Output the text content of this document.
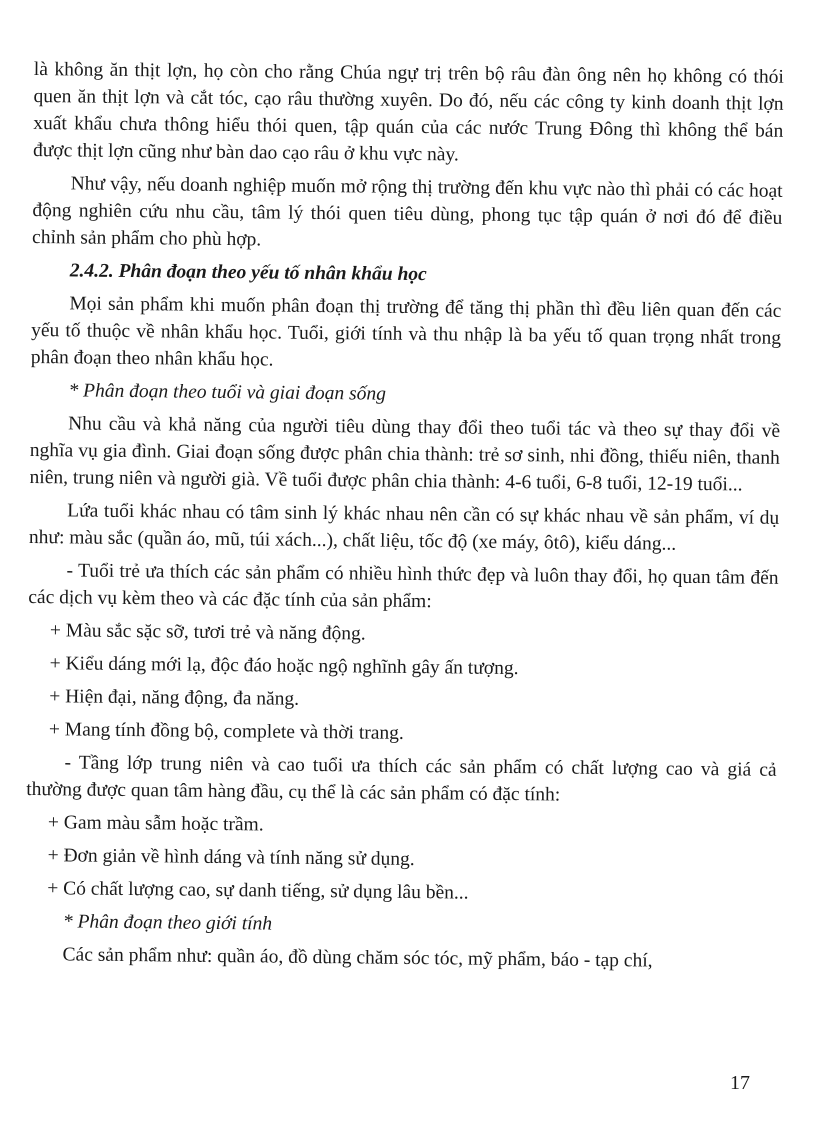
là không ăn thịt lợn, họ còn cho rằng Chúa ngự trị trên bộ râu đàn ông nên họ không có thói quen ăn thịt lợn và cắt tóc, cạo râu thường xuyên. Do đó, nếu các công ty kinh doanh thịt lợn xuất khẩu chưa thông hiểu thói quen, tập quán của các nước Trung Đông thì không thể bán được thịt lợn cũng như bàn dao cạo râu ở khu vực này.

Như vậy, nếu doanh nghiệp muốn mở rộng thị trường đến khu vực nào thì phải có các hoạt động nghiên cứu nhu cầu, tâm lý thói quen tiêu dùng, phong tục tập quán ở nơi đó để điều chỉnh sản phẩm cho phù hợp.

2.4.2. Phân đoạn theo yếu tố nhân khẩu học

Mọi sản phẩm khi muốn phân đoạn thị trường để tăng thị phần thì đều liên quan đến các yếu tố thuộc về nhân khẩu học. Tuổi, giới tính và thu nhập là ba yếu tố quan trọng nhất trong phân đoạn theo nhân khẩu học.

* Phân đoạn theo tuổi và giai đoạn sống

Nhu cầu và khả năng của người tiêu dùng thay đổi theo tuổi tác và theo sự thay đổi về nghĩa vụ gia đình. Giai đoạn sống được phân chia thành: trẻ sơ sinh, nhi đồng, thiếu niên, thanh niên, trung niên và người già. Về tuổi được phân chia thành: 4-6 tuổi, 6-8 tuổi, 12-19 tuổi...

Lứa tuổi khác nhau có tâm sinh lý khác nhau nên cần có sự khác nhau về sản phẩm, ví dụ như: màu sắc (quần áo, mũ, túi xách...), chất liệu, tốc độ (xe máy, ôtô), kiểu dáng...

- Tuổi trẻ ưa thích các sản phẩm có nhiều hình thức đẹp và luôn thay đổi, họ quan tâm đến các dịch vụ kèm theo và các đặc tính của sản phẩm:

+ Màu sắc sặc sỡ, tươi trẻ và năng động.

+ Kiểu dáng mới lạ, độc đáo hoặc ngộ nghĩnh gây ấn tượng.

+ Hiện đại, năng động, đa năng.

+ Mang tính đồng bộ, complete và thời trang.

- Tầng lớp trung niên và cao tuổi ưa thích các sản phẩm có chất lượng cao và giá cả thường được quan tâm hàng đầu, cụ thể là các sản phẩm có đặc tính:

+ Gam màu sẫm hoặc trầm.

+ Đơn giản về hình dáng và tính năng sử dụng.

+ Có chất lượng cao, sự danh tiếng, sử dụng lâu bền...

* Phân đoạn theo giới tính

Các sản phẩm như: quần áo, đồ dùng chăm sóc tóc, mỹ phẩm, báo - tạp chí,

17
